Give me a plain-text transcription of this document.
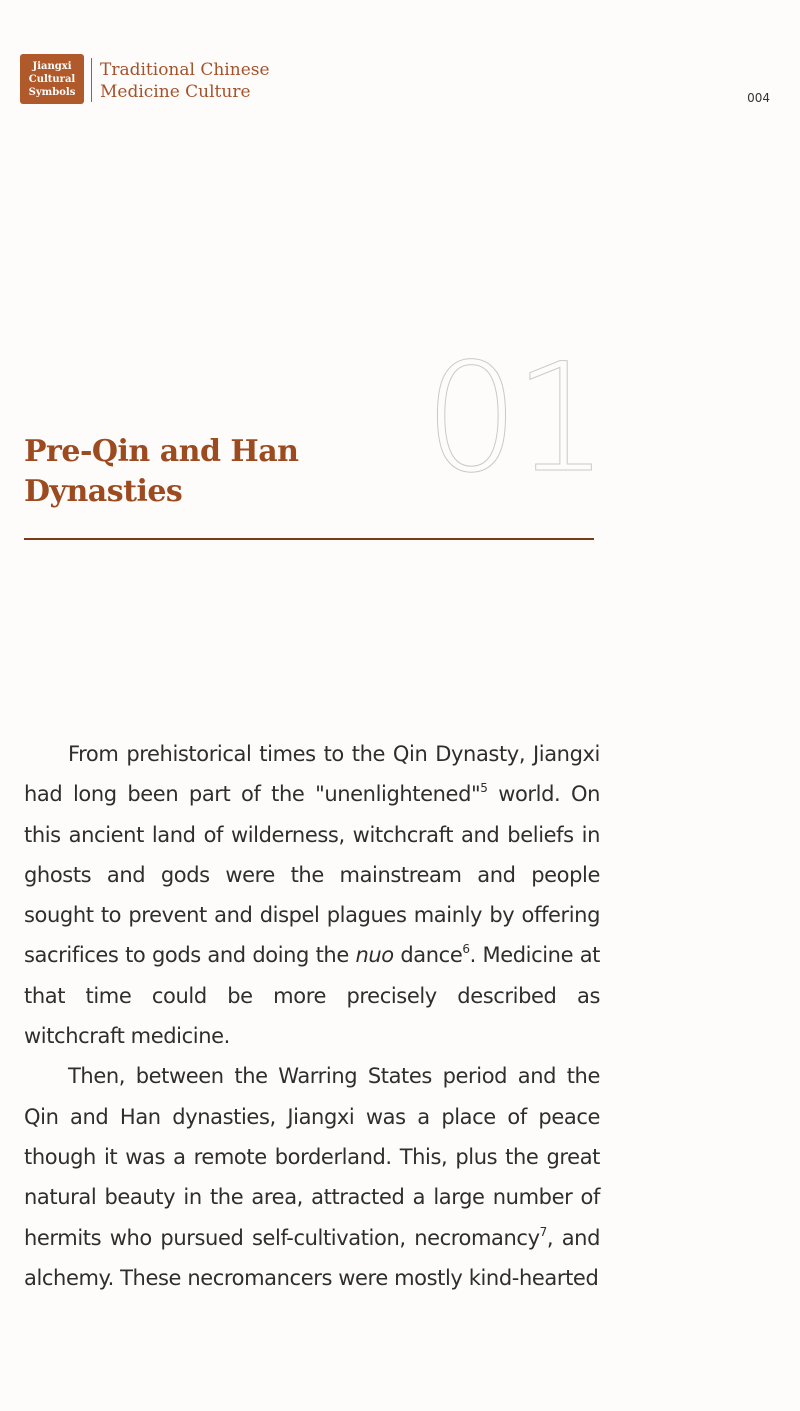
Jiangxi
Cultural
Symbols
Traditional Chinese
Medicine Culture	004
01
Pre-Qin and Han
Dynasties

From prehistorical times to the Qin Dynasty, Jiangxi had long been part of the "unenlightened"$^5$ world. On this ancient land of wilderness, witchcraft and beliefs in ghosts and gods were the mainstream and people sought to prevent and dispel plagues mainly by offering sacrifices to gods and doing the nuo dance$^6$. Medicine at that time could be more precisely described as witchcraft medicine.

Then, between the Warring States period and the Qin and Han dynasties, Jiangxi was a place of peace though it was a remote borderland. This, plus the great natural beauty in the area, attracted a large number of hermits who pursued self-cultivation, necromancy$^7$, and alchemy. These necromancers were mostly kind-hearted
